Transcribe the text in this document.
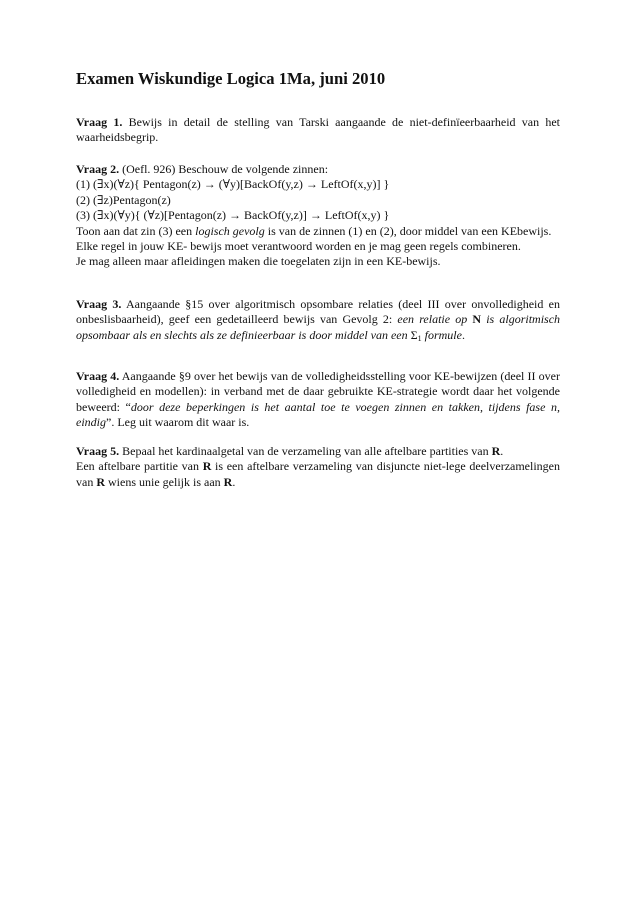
Examen Wiskundige Logica 1Ma, juni 2010
Vraag 1. Bewijs in detail de stelling van Tarski aangaande de niet-definïeerbaarheid van het waarheidsbegrip.
Vraag 2. (Oefl. 926) Beschouw de volgende zinnen:
(1) (∃x)(∀z){ Pentagon(z) → (∀y)[BackOf(y,z) → LeftOf(x,y)] }
(2) (∃z)Pentagon(z)
(3) (∃x)(∀y){ (∀z)[Pentagon(z) → BackOf(y,z)] → LeftOf(x,y) }
Toon aan dat zin (3) een logisch gevolg is van de zinnen (1) en (2), door middel van een KEbewijs.
Elke regel in jouw KE- bewijs moet verantwoord worden en je mag geen regels combineren.
Je mag alleen maar afleidingen maken die toegelaten zijn in een KE-bewijs.
Vraag 3. Aangaande §15 over algoritmisch opsombare relaties (deel III over onvolledigheid en onbeslisbaarheid), geef een gedetailleerd bewijs van Gevolg 2: een relatie op N is algoritmisch opsombaar als en slechts als ze definieerbaar is door middel van een $\Sigma_1$ formule.
Vraag 4. Aangaande §9 over het bewijs van de volledigheidsstelling voor KE-bewijzen (deel II over volledigheid en modellen): in verband met de daar gebruikte KE-strategie wordt daar het volgende beweerd: “door deze beperkingen is het aantal toe te voegen zinnen en takken, tijdens fase n, eindig”. Leg uit waarom dit waar is.
Vraag 5. Bepaal het kardinaalgetal van de verzameling van alle aftelbare partities van R.
Een aftelbare partitie van R is een aftelbare verzameling van disjuncte niet-lege deelverzamelingen van R wiens unie gelijk is aan R.
